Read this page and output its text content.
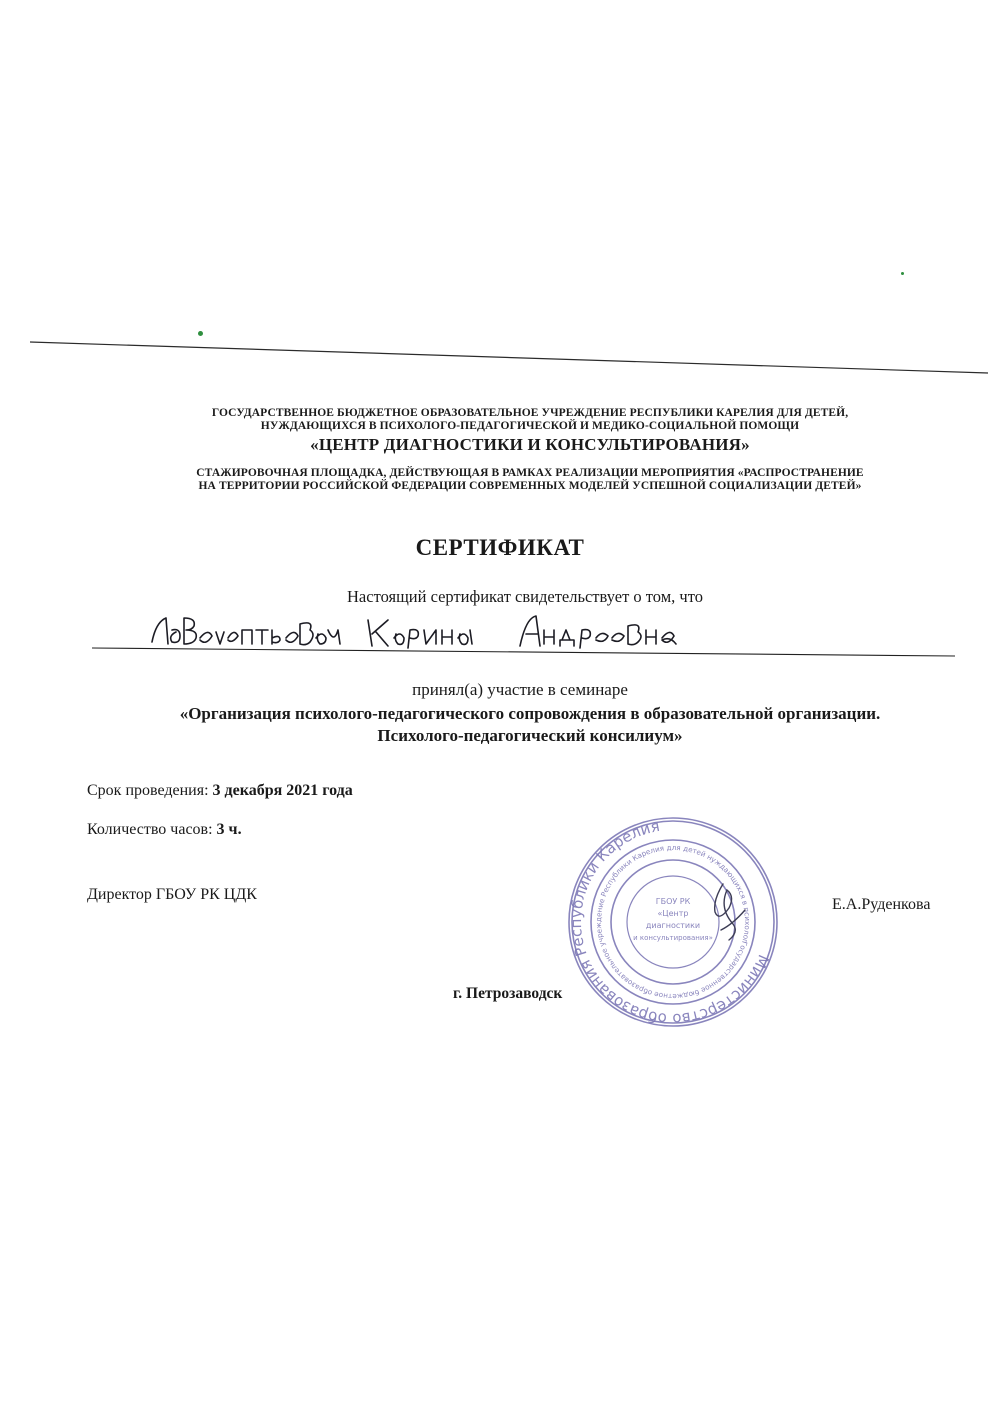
ГОСУДАРСТВЕННОЕ БЮДЖЕТНОЕ ОБРАЗОВАТЕЛЬНОЕ УЧРЕЖДЕНИЕ РЕСПУБЛИКИ КАРЕЛИЯ ДЛЯ ДЕТЕЙ,
НУЖДАЮЩИХСЯ В ПСИХОЛОГО-ПЕДАГОГИЧЕСКОЙ И МЕДИКО-СОЦИАЛЬНОЙ ПОМОЩИ
«ЦЕНТР ДИАГНОСТИКИ И КОНСУЛЬТИРОВАНИЯ»
СТАЖИРОВОЧНАЯ ПЛОЩАДКА, ДЕЙСТВУЮЩАЯ В РАМКАХ РЕАЛИЗАЦИИ МЕРОПРИЯТИЯ «РАСПРОСТРАНЕНИЕ
НА ТЕРРИТОРИИ РОССИЙСКОЙ ФЕДЕРАЦИИ СОВРЕМЕННЫХ МОДЕЛЕЙ УСПЕШНОЙ СОЦИАЛИЗАЦИИ ДЕТЕЙ»
СЕРТИФИКАТ
Настоящий сертификат свидетельствует о том, что
принял(а) участие в семинаре
«Организация психолого-педагогического сопровождения в образовательной организации.
Психолого-педагогический консилиум»
Срок проведения: 3 декабря 2021 года
Количество часов: 3 ч.
Директор ГБОУ РК ЦДК
Е.А.Руденкова
Министерство образования Республики Карелия
Государственное бюджетное образовательное учреждение Республики Карелия для детей нуждающихся в психолого-педагогической
ГБОУ РК
«Центр
диагностики
и консультирования»
г. Петрозаводск
